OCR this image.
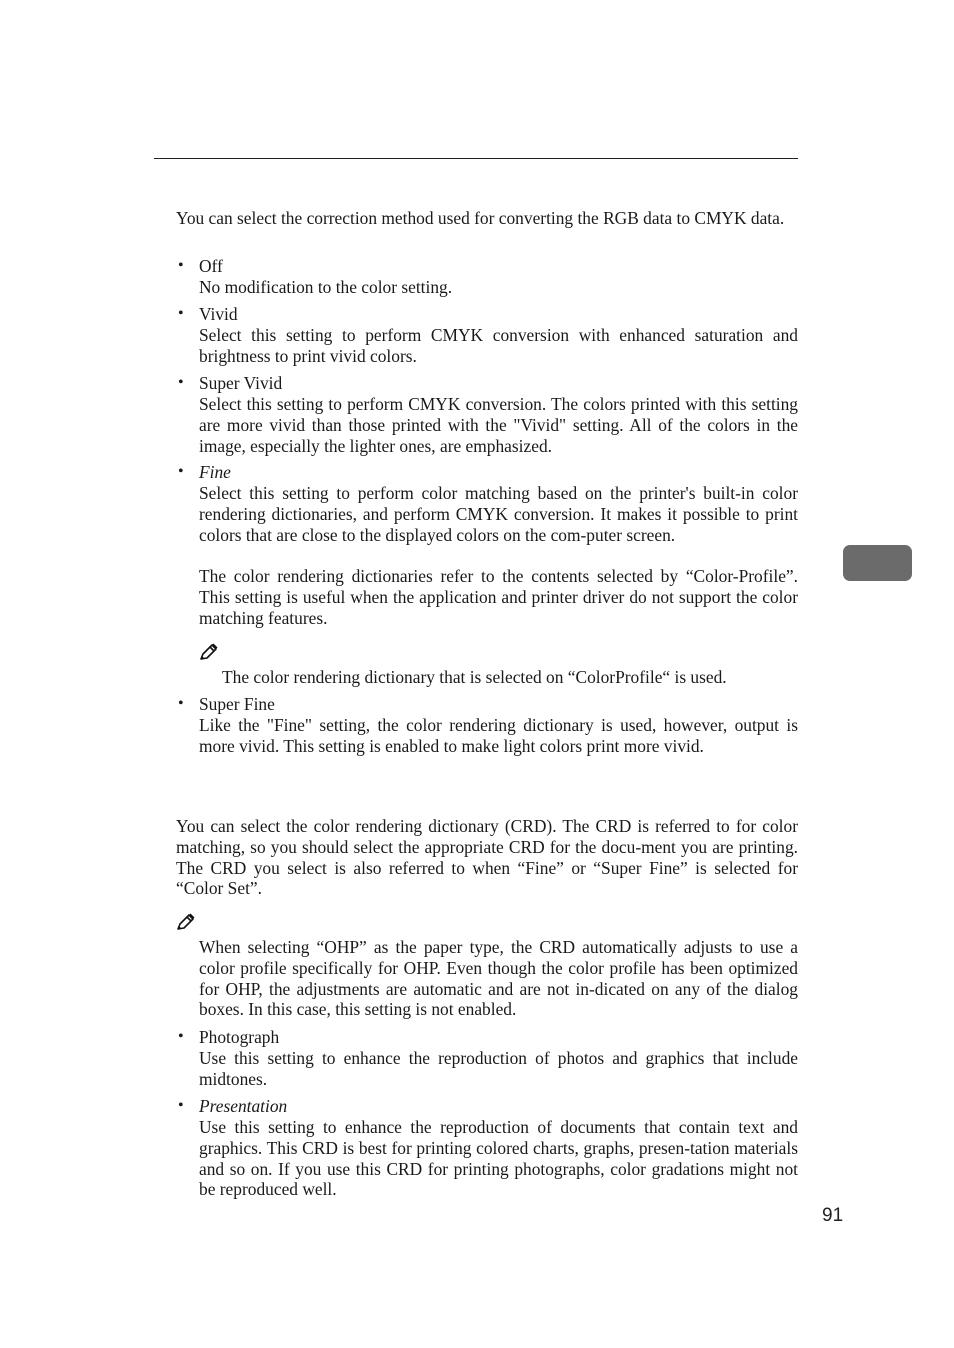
You can select the correction method used for converting the RGB data to CMYK data.

• Off

No modification to the color setting.

• Vivid

Select this setting to perform CMYK conversion with enhanced saturation and brightness to print vivid colors.

• Super Vivid

Select this setting to perform CMYK conversion. The colors printed with this setting are more vivid than those printed with the "Vivid" setting. All of the colors in the image, especially the lighter ones, are emphasized.

• Fine

Select this setting to perform color matching based on the printer's built-in color rendering dictionaries, and perform CMYK conversion. It makes it possible to print colors that are close to the displayed colors on the com-puter screen.

The color rendering dictionaries refer to the contents selected by “Color-Profile”. This setting is useful when the application and printer driver do not support the color matching features.

The color rendering dictionary that is selected on “ColorProfile“ is used.

• Super Fine

Like the "Fine" setting, the color rendering dictionary is used, however, output is more vivid. This setting is enabled to make light colors print more vivid.

You can select the color rendering dictionary (CRD). The CRD is referred to for color matching, so you should select the appropriate CRD for the docu-ment you are printing. The CRD you select is also referred to when “Fine” or “Super Fine” is selected for “Color Set”.

When selecting “OHP” as the paper type, the CRD automatically adjusts to use a color profile specifically for OHP. Even though the color profile has been optimized for OHP, the adjustments are automatic and are not in-dicated on any of the dialog boxes. In this case, this setting is not enabled.

• Photograph

Use this setting to enhance the reproduction of photos and graphics that include midtones.

• Presentation

Use this setting to enhance the reproduction of documents that contain text and graphics. This CRD is best for printing colored charts, graphs, presen-tation materials and so on. If you use this CRD for printing photographs, color gradations might not be reproduced well.

91
